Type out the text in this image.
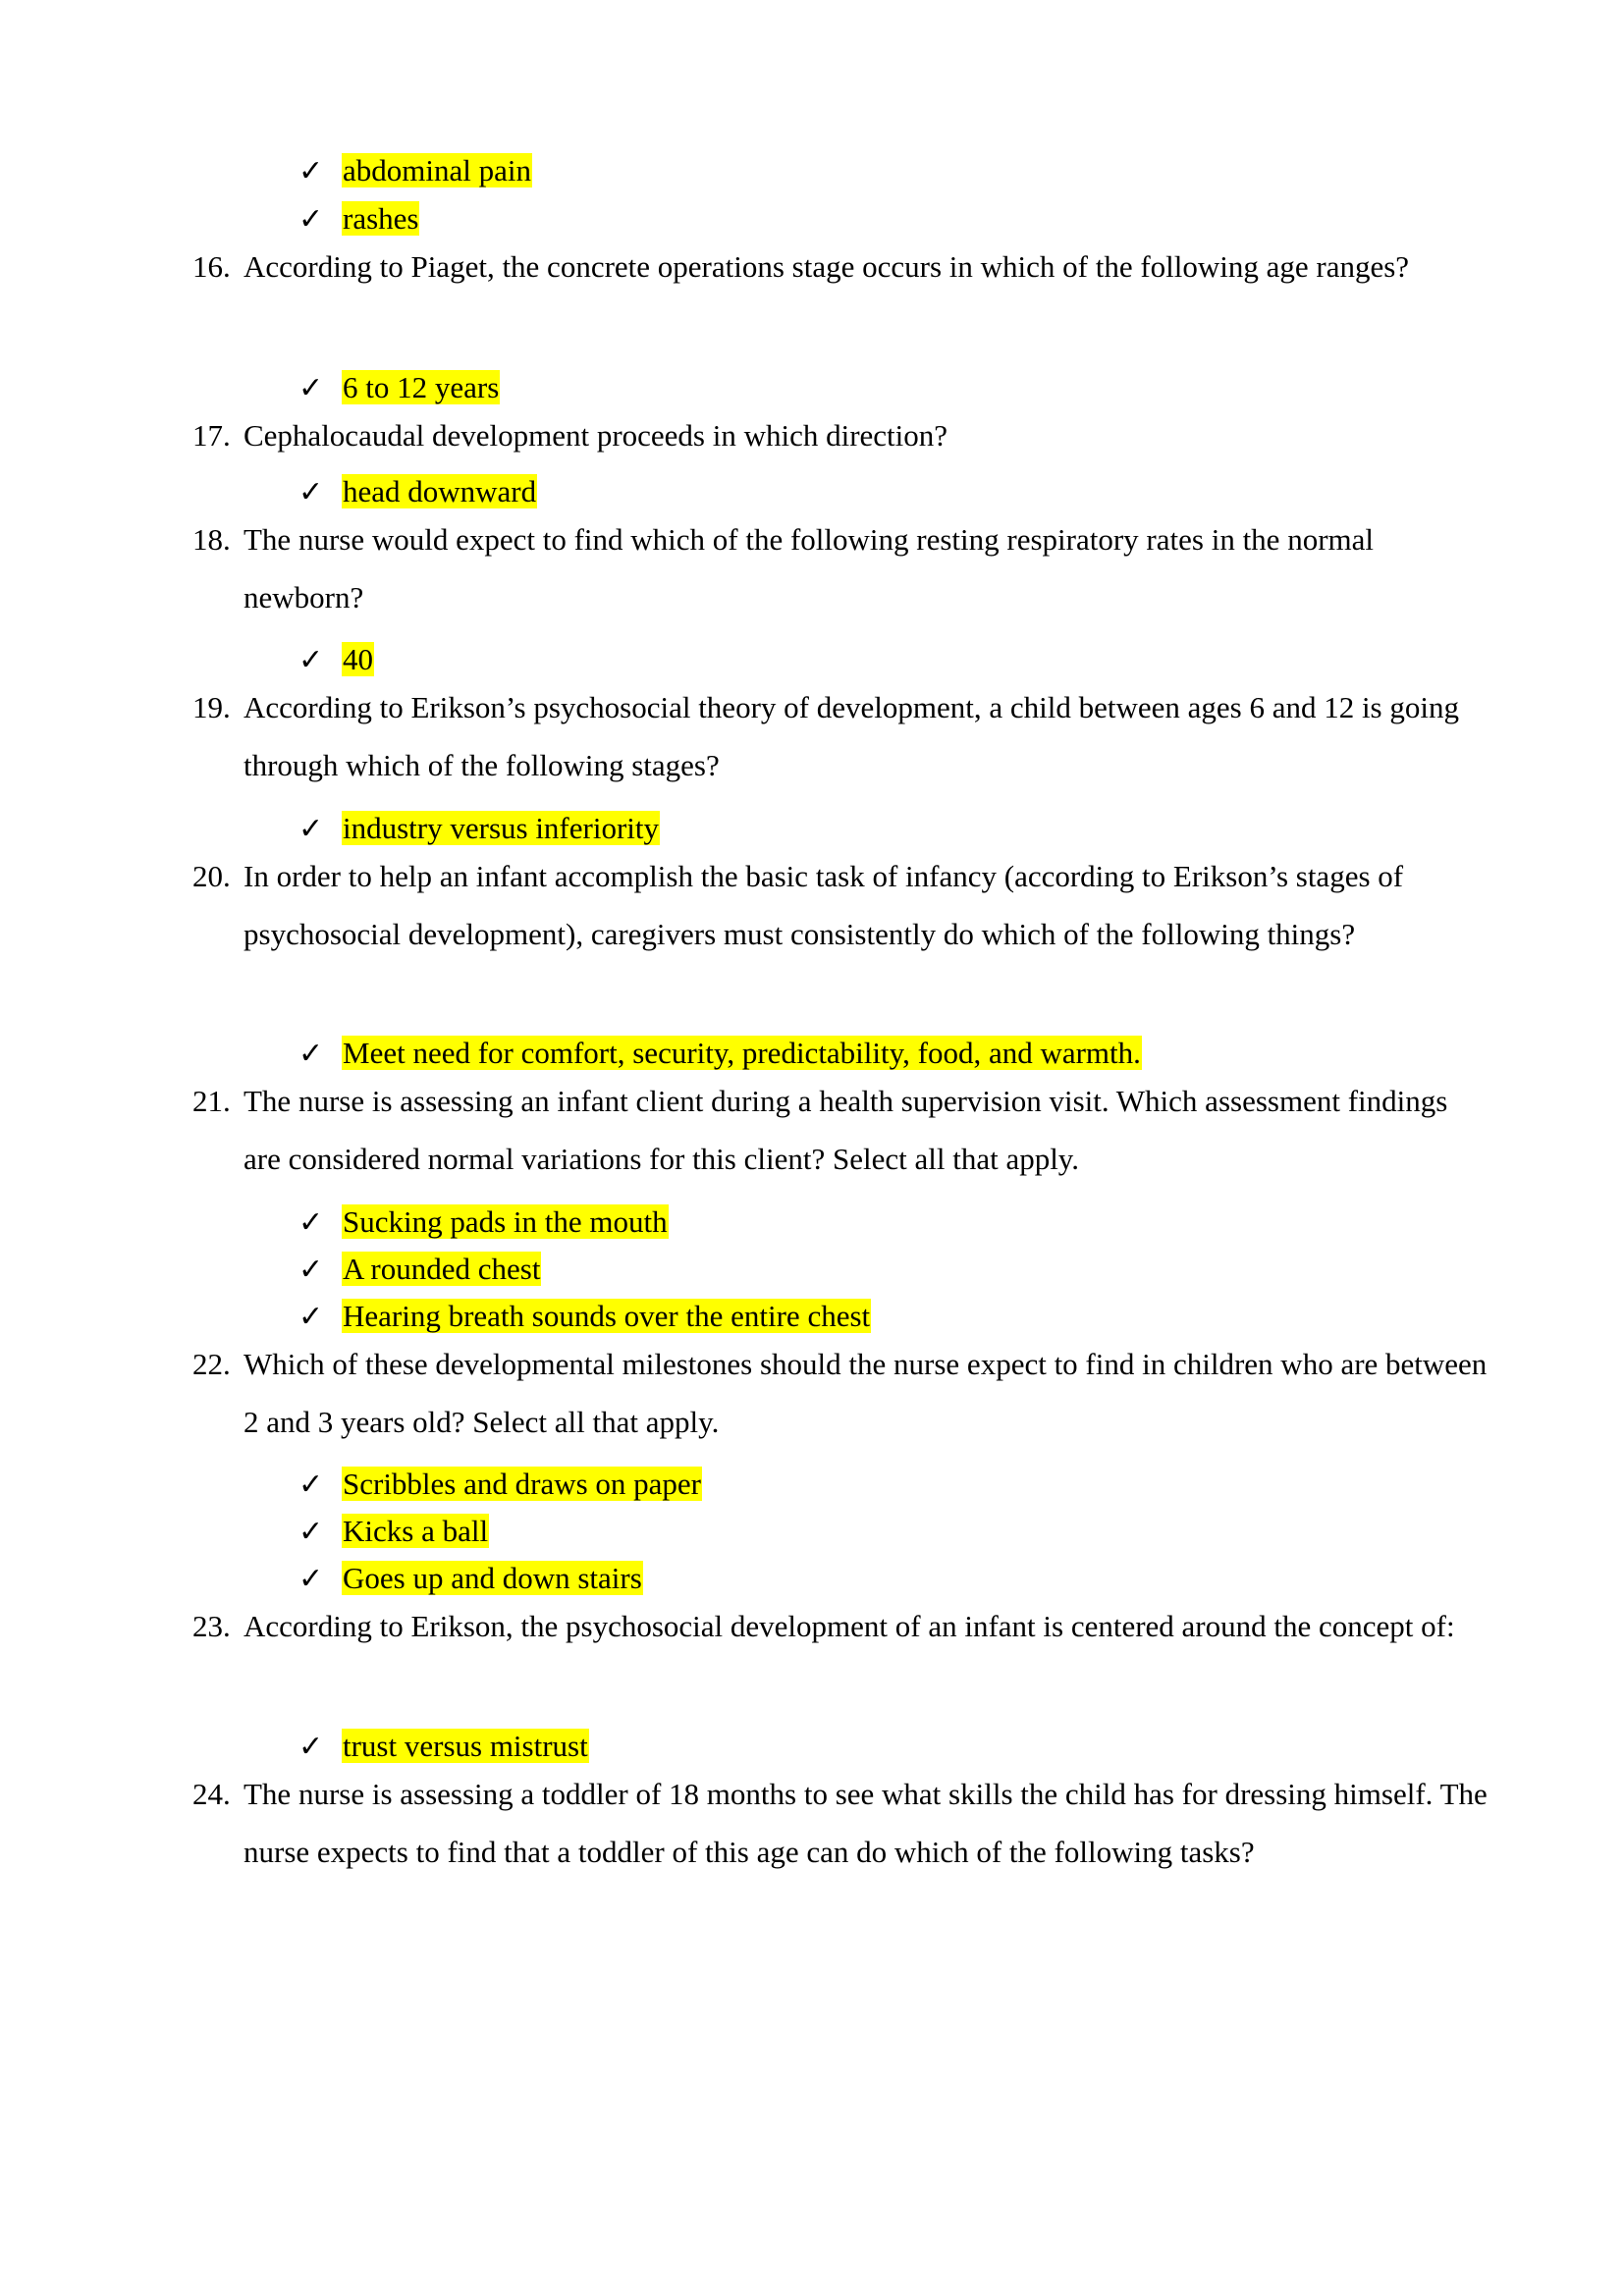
✓ abdominal pain
✓ rashes
16. According to Piaget, the concrete operations stage occurs in which of the following age ranges?
✓ 6 to 12 years
17. Cephalocaudal development proceeds in which direction?
✓ head downward
18. The nurse would expect to find which of the following resting respiratory rates in the normal newborn?
✓ 40
19. According to Erikson’s psychosocial theory of development, a child between ages 6 and 12 is going through which of the following stages?
✓ industry versus inferiority
20. In order to help an infant accomplish the basic task of infancy (according to Erikson’s stages of psychosocial development), caregivers must consistently do which of the following things?
✓ Meet need for comfort, security, predictability, food, and warmth.
21. The nurse is assessing an infant client during a health supervision visit. Which assessment findings are considered normal variations for this client? Select all that apply.
✓ Sucking pads in the mouth
✓ A rounded chest
✓ Hearing breath sounds over the entire chest
22. Which of these developmental milestones should the nurse expect to find in children who are between 2 and 3 years old? Select all that apply.
✓ Scribbles and draws on paper
✓ Kicks a ball
✓ Goes up and down stairs
23. According to Erikson, the psychosocial development of an infant is centered around the concept of:
✓ trust versus mistrust
24. The nurse is assessing a toddler of 18 months to see what skills the child has for dressing himself. The nurse expects to find that a toddler of this age can do which of the following tasks?
